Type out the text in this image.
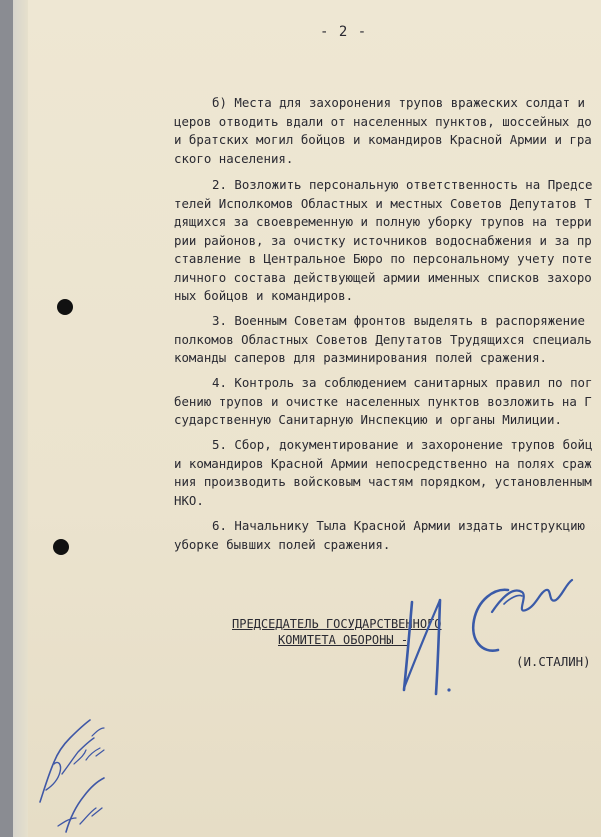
- 2 -
б) Места для захоронения трупов вражеских солдат и
церов отводить вдали от населенных пунктов, шоссейных до
и братских могил бойцов и командиров Красной Армии и гра
ского населения.
2. Возложить персональную ответственность на Предсе
телей Исполкомов Областных и местных Советов Депутатов Т
дящихся за своевременную и полную уборку трупов на терри
рии районов, за очистку источников водоснабжения и за пр
ставление в Центральное Бюро по персональному учету поте
личного состава действующей армии именных списков захоро
ных бойцов и командиров.
3. Военным Советам фронтов выделять в распоряжение
полкомов Областных Советов Депутатов Трудящихся специаль
команды саперов для разминирования полей сражения.
4. Контроль за соблюдением санитарных правил по пог
бению трупов и очистке населенных пунктов возложить на Г
сударственную Санитарную Инспекцию и органы Милиции.
5. Сбор, документирование и захоронение трупов бойц
и командиров Красной Армии непосредственно на полях сраж
ния производить войсковым частям порядком, установленным
НКО.
6. Начальнику Тыла Красной Армии издать инструкцию
уборке бывших полей сражения.
ПРЕДСЕДАТЕЛЬ ГОСУДАРСТВЕННОГО
КОМИТЕТА ОБОРОНЫ -
(И.СТАЛИН)
